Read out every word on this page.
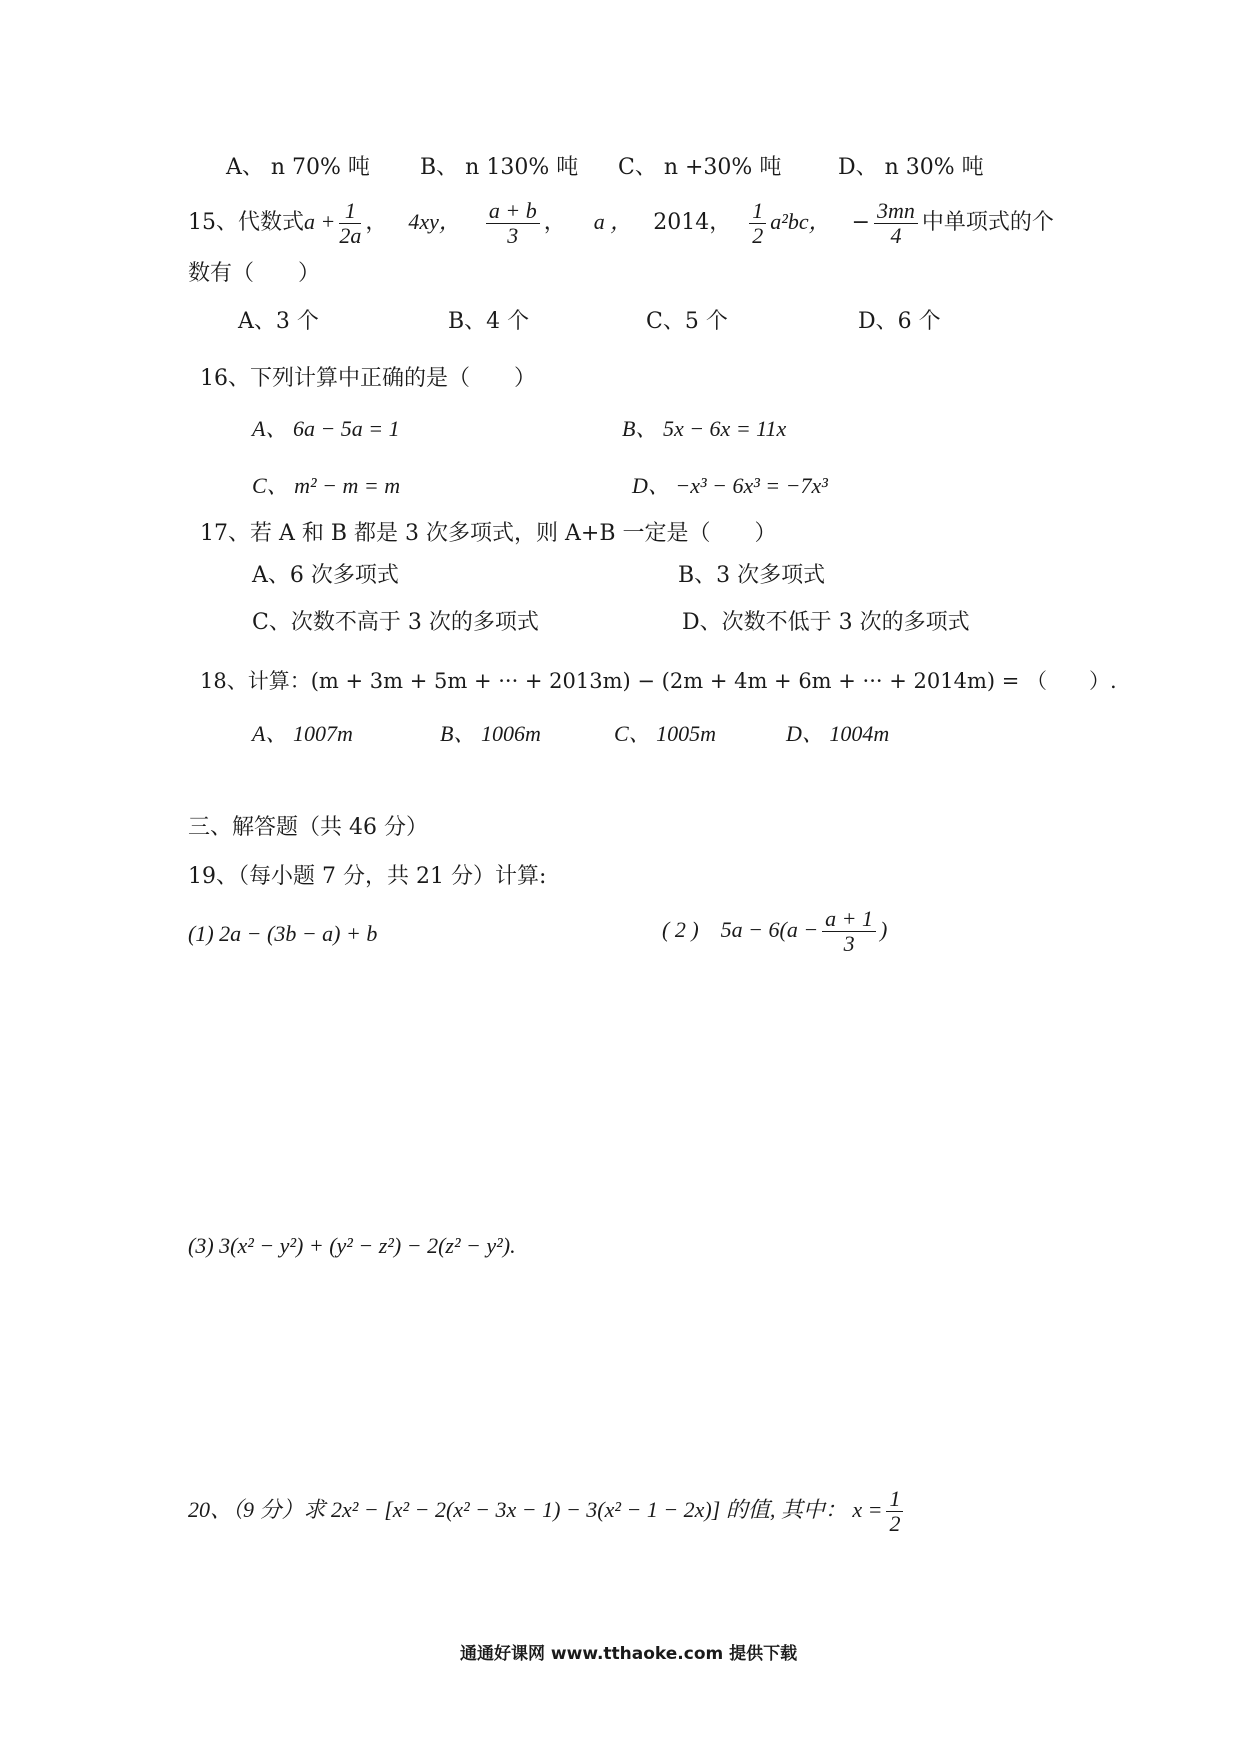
A、 n 70% 吨 B、 n 130% 吨 C、 n +30% 吨	D、 n 30% 吨
15、代数式$a + \frac{1}{2a}$ ， 4xy， $\frac{a + b}{3}$ ， a ， 2014， $\frac{1}{2} a^2bc$， − $\frac{3mn}{4}$ 中单项式的个
数有（　　）
A、3 个	B、4 个	C、5 个	D、6 个
16、下列计算中正确的是（　　）
A、 6a − 5a = 1	B、 5x − 6x = 11x
C、 m² − m = m	D、 −x³ − 6x³ = −7x³
17、若 A 和 B 都是 3 次多项式，则 A+B 一定是（　　）
A、6 次多项式	B、3 次多项式
C、次数不高于 3 次的多项式	D、次数不低于 3 次的多项式
18、计算：(m + 3m + 5m + ··· + 2013m) − (2m + 4m + 6m + ··· + 2014m) = （　　）.
A、 1007m	B、 1006m	C、 1005m	D、 1004m
三、解答题（共 46 分）
19、（每小题 7 分，共 21 分）计算:
(1) 2a − (3b − a) + b	( 2 )　$5a - 6(a - \frac{a + 1}{3}$ )
(3) 3(x² − y²) + (y² − z²) − 2(z² − y²).
20、（9 分）求 2x² − [x² − 2(x² − 3x − 1) − 3(x² − 1 − 2x)] 的值, 其中： $x = \frac{1}{2}$
通通好课网 www.tthaoke.com 提供下载
